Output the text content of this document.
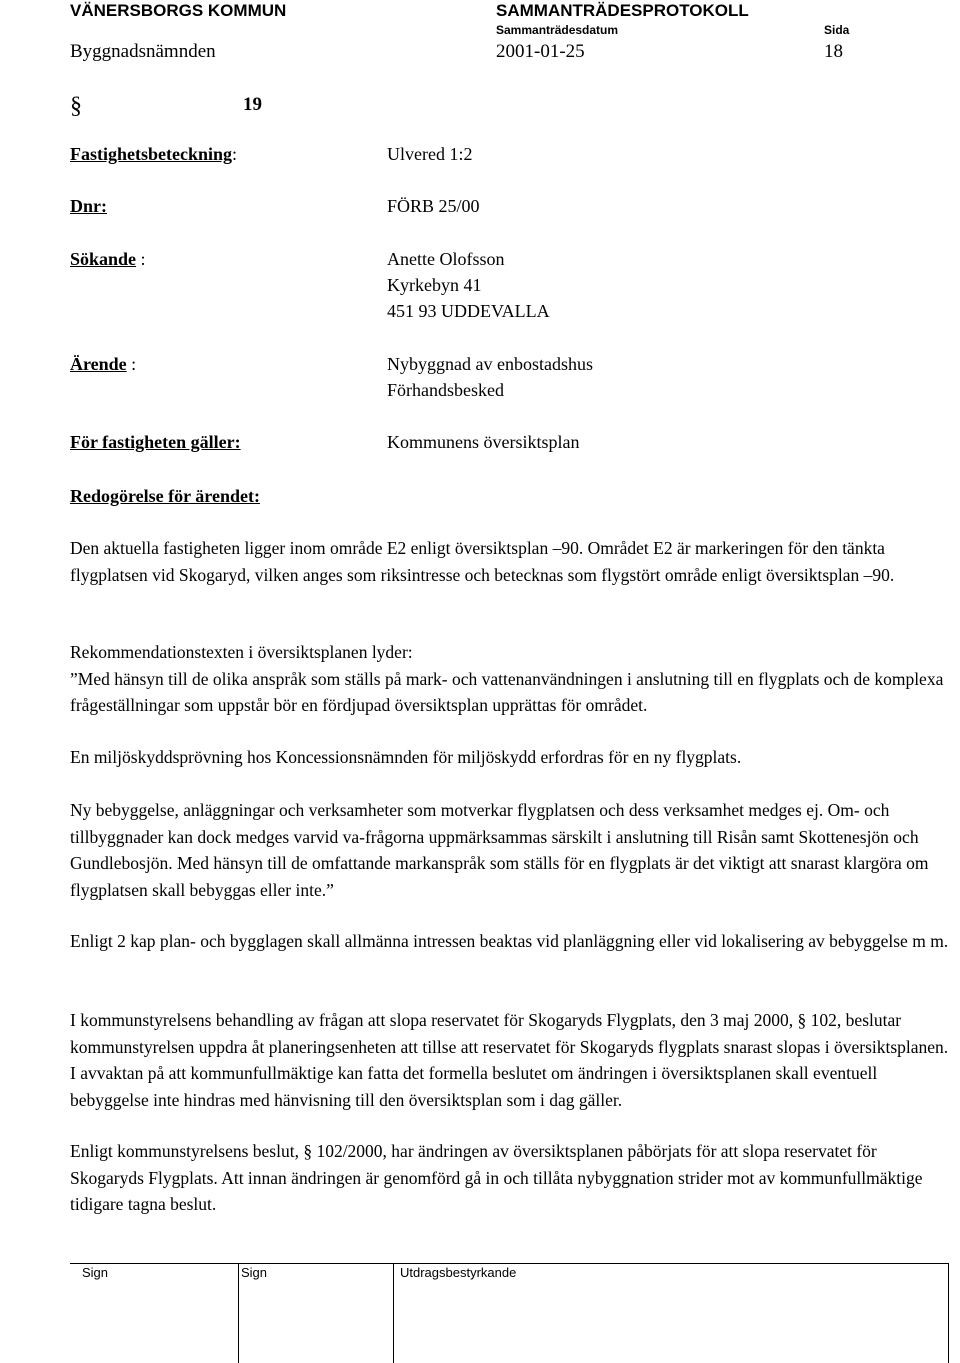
VÄNERSBORGS KOMMUN	SAMMANTRÄDESPROTOKOLL
Sammanträdesdatum	Sida
Byggnadsnämnden	2001-01-25	18
§	19
Fastighetsbeteckning:	Ulvered 1:2
Dnr:	FÖRB 25/00
Sökande :	Anette Olofsson
Kyrkebyn 41
451 93 UDDEVALLA
Ärende :	Nybyggnad av enbostadshus
Förhandsbesked
För fastigheten gäller:	Kommunens översiktsplan
Redogörelse för ärendet:

Den aktuella fastigheten ligger inom område E2 enligt översiktsplan –90. Området E2 är markeringen för den tänkta flygplatsen vid Skogaryd, vilken anges som riksintresse och betecknas som flygstört område enligt översiktsplan –90.

Rekommendationstexten i översiktsplanen lyder:

”Med hänsyn till de olika anspråk som ställs på mark- och vattenanvändningen i anslutning till en flygplats och de komplexa frågeställningar som uppstår bör en fördjupad översiktsplan upprättas för området.

En miljöskyddsprövning hos Koncessionsnämnden för miljöskydd erfordras för en ny flygplats.

Ny bebyggelse, anläggningar och verksamheter som motverkar flygplatsen och dess verksamhet medges ej. Om- och tillbyggnader kan dock medges varvid va-frågorna uppmärksammas särskilt i anslutning till Risån samt Skottenesjön och Gundlebosjön. Med hänsyn till de omfattande markanspråk som ställs för en flygplats är det viktigt att snarast klargöra om flygplatsen skall bebyggas eller inte.”

Enligt 2 kap plan- och bygglagen skall allmänna intressen beaktas vid planläggning eller vid lokalisering av bebyggelse m m.

I kommunstyrelsens behandling av frågan att slopa reservatet för Skogaryds Flygplats, den 3 maj 2000, § 102, beslutar kommunstyrelsen uppdra åt planeringsenheten att tillse att reservatet för Skogaryds flygplats snarast slopas i översiktsplanen. I avvaktan på att kommunfullmäktige kan fatta det formella beslutet om ändringen i översiktsplanen skall eventuell bebyggelse inte hindras med hänvisning till den översiktsplan som i dag gäller.

Enligt kommunstyrelsens beslut, § 102/2000, har ändringen av översiktsplanen påbörjats för att slopa reservatet för Skogaryds Flygplats. Att innan ändringen är genomförd gå in och tillåta nybyggnation strider mot av kommunfullmäktige tidigare tagna beslut.

Sign	Sign	Utdragsbestyrkande
